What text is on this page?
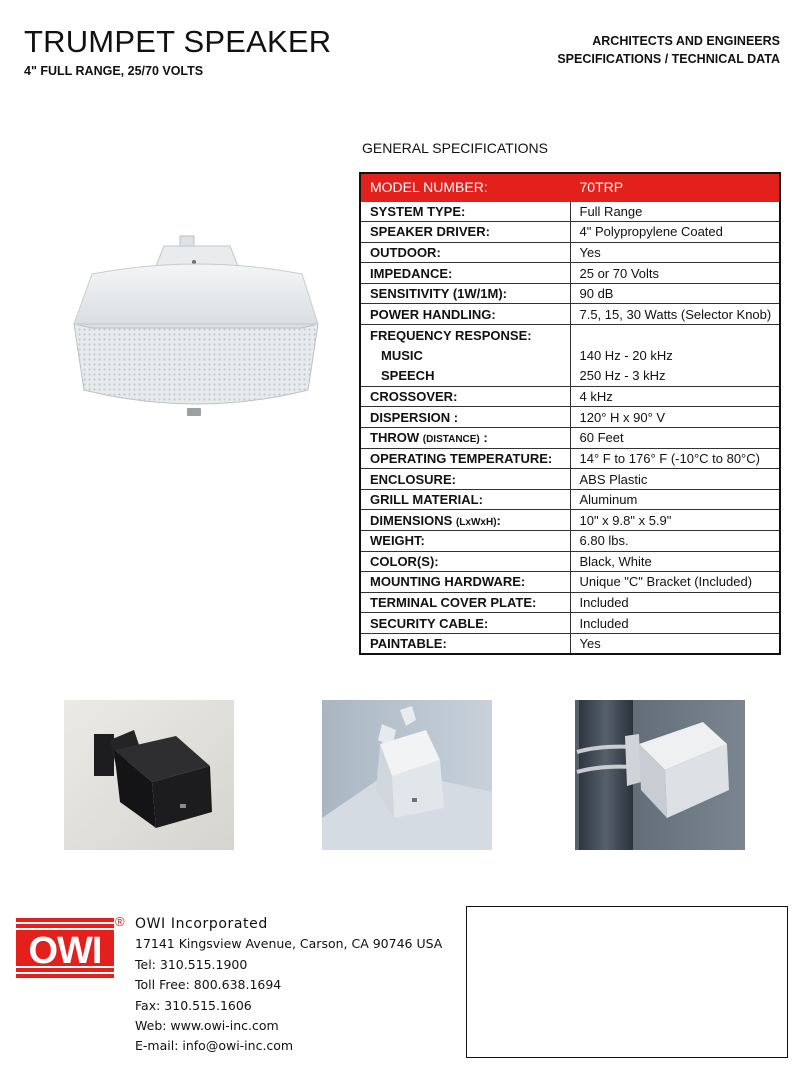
TRUMPET SPEAKER
4" FULL RANGE, 25/70 VOLTS
ARCHITECTS AND ENGINEERS
SPECIFICATIONS / TECHNICAL DATA
GENERAL SPECIFICATIONS
MODEL NUMBER:	70TRP
SYSTEM TYPE:	Full Range
SPEAKER DRIVER:	4" Polypropylene Coated
OUTDOOR:	Yes
IMPEDANCE:	25 or 70 Volts
SENSITIVITY (1W/1M):	90 dB
POWER HANDLING:	7.5, 15, 30 Watts (Selector Knob)
FREQUENCY RESPONSE:	
MUSIC	140 Hz - 20 kHz
SPEECH	250 Hz - 3 kHz
CROSSOVER:	4 kHz
DISPERSION :	120° H x 90° V
THROW (DISTANCE) :	60 Feet
OPERATING TEMPERATURE:	14° F to 176° F (-10°C to 80°C)
ENCLOSURE:	ABS Plastic
GRILL MATERIAL:	Aluminum
DIMENSIONS (LxWxH):	10" x 9.8" x 5.9"
WEIGHT:	6.80 lbs.
COLOR(S):	Black, White
MOUNTING HARDWARE:	Unique "C" Bracket (Included)
TERMINAL COVER PLATE:	Included
SECURITY CABLE:	Included
PAINTABLE:	Yes
OWI
® OWI Incorporated
17141 Kingsview Avenue, Carson, CA 90746 USA
Tel: 310.515.1900
Toll Free: 800.638.1694
Fax: 310.515.1606
Web: www.owi-inc.com
E-mail: info@owi-inc.com
